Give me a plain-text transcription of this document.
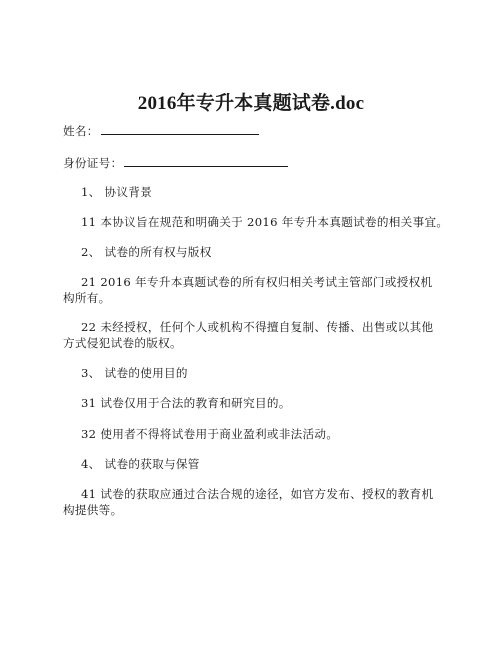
2016年专升本真题试卷.doc
姓名：
身份证号：
1、 协议背景
11 本协议旨在规范和明确关于 2016 年专升本真题试卷的相关事宜。
2、 试卷的所有权与版权
21 2016 年专升本真题试卷的所有权归相关考试主管部门或授权机
构所有。
22 未经授权，任何个人或机构不得擅自复制、传播、出售或以其他
方式侵犯试卷的版权。
3、 试卷的使用目的
31 试卷仅用于合法的教育和研究目的。
32 使用者不得将试卷用于商业盈利或非法活动。
4、 试卷的获取与保管
41 试卷的获取应通过合法合规的途径，如官方发布、授权的教育机
构提供等。
